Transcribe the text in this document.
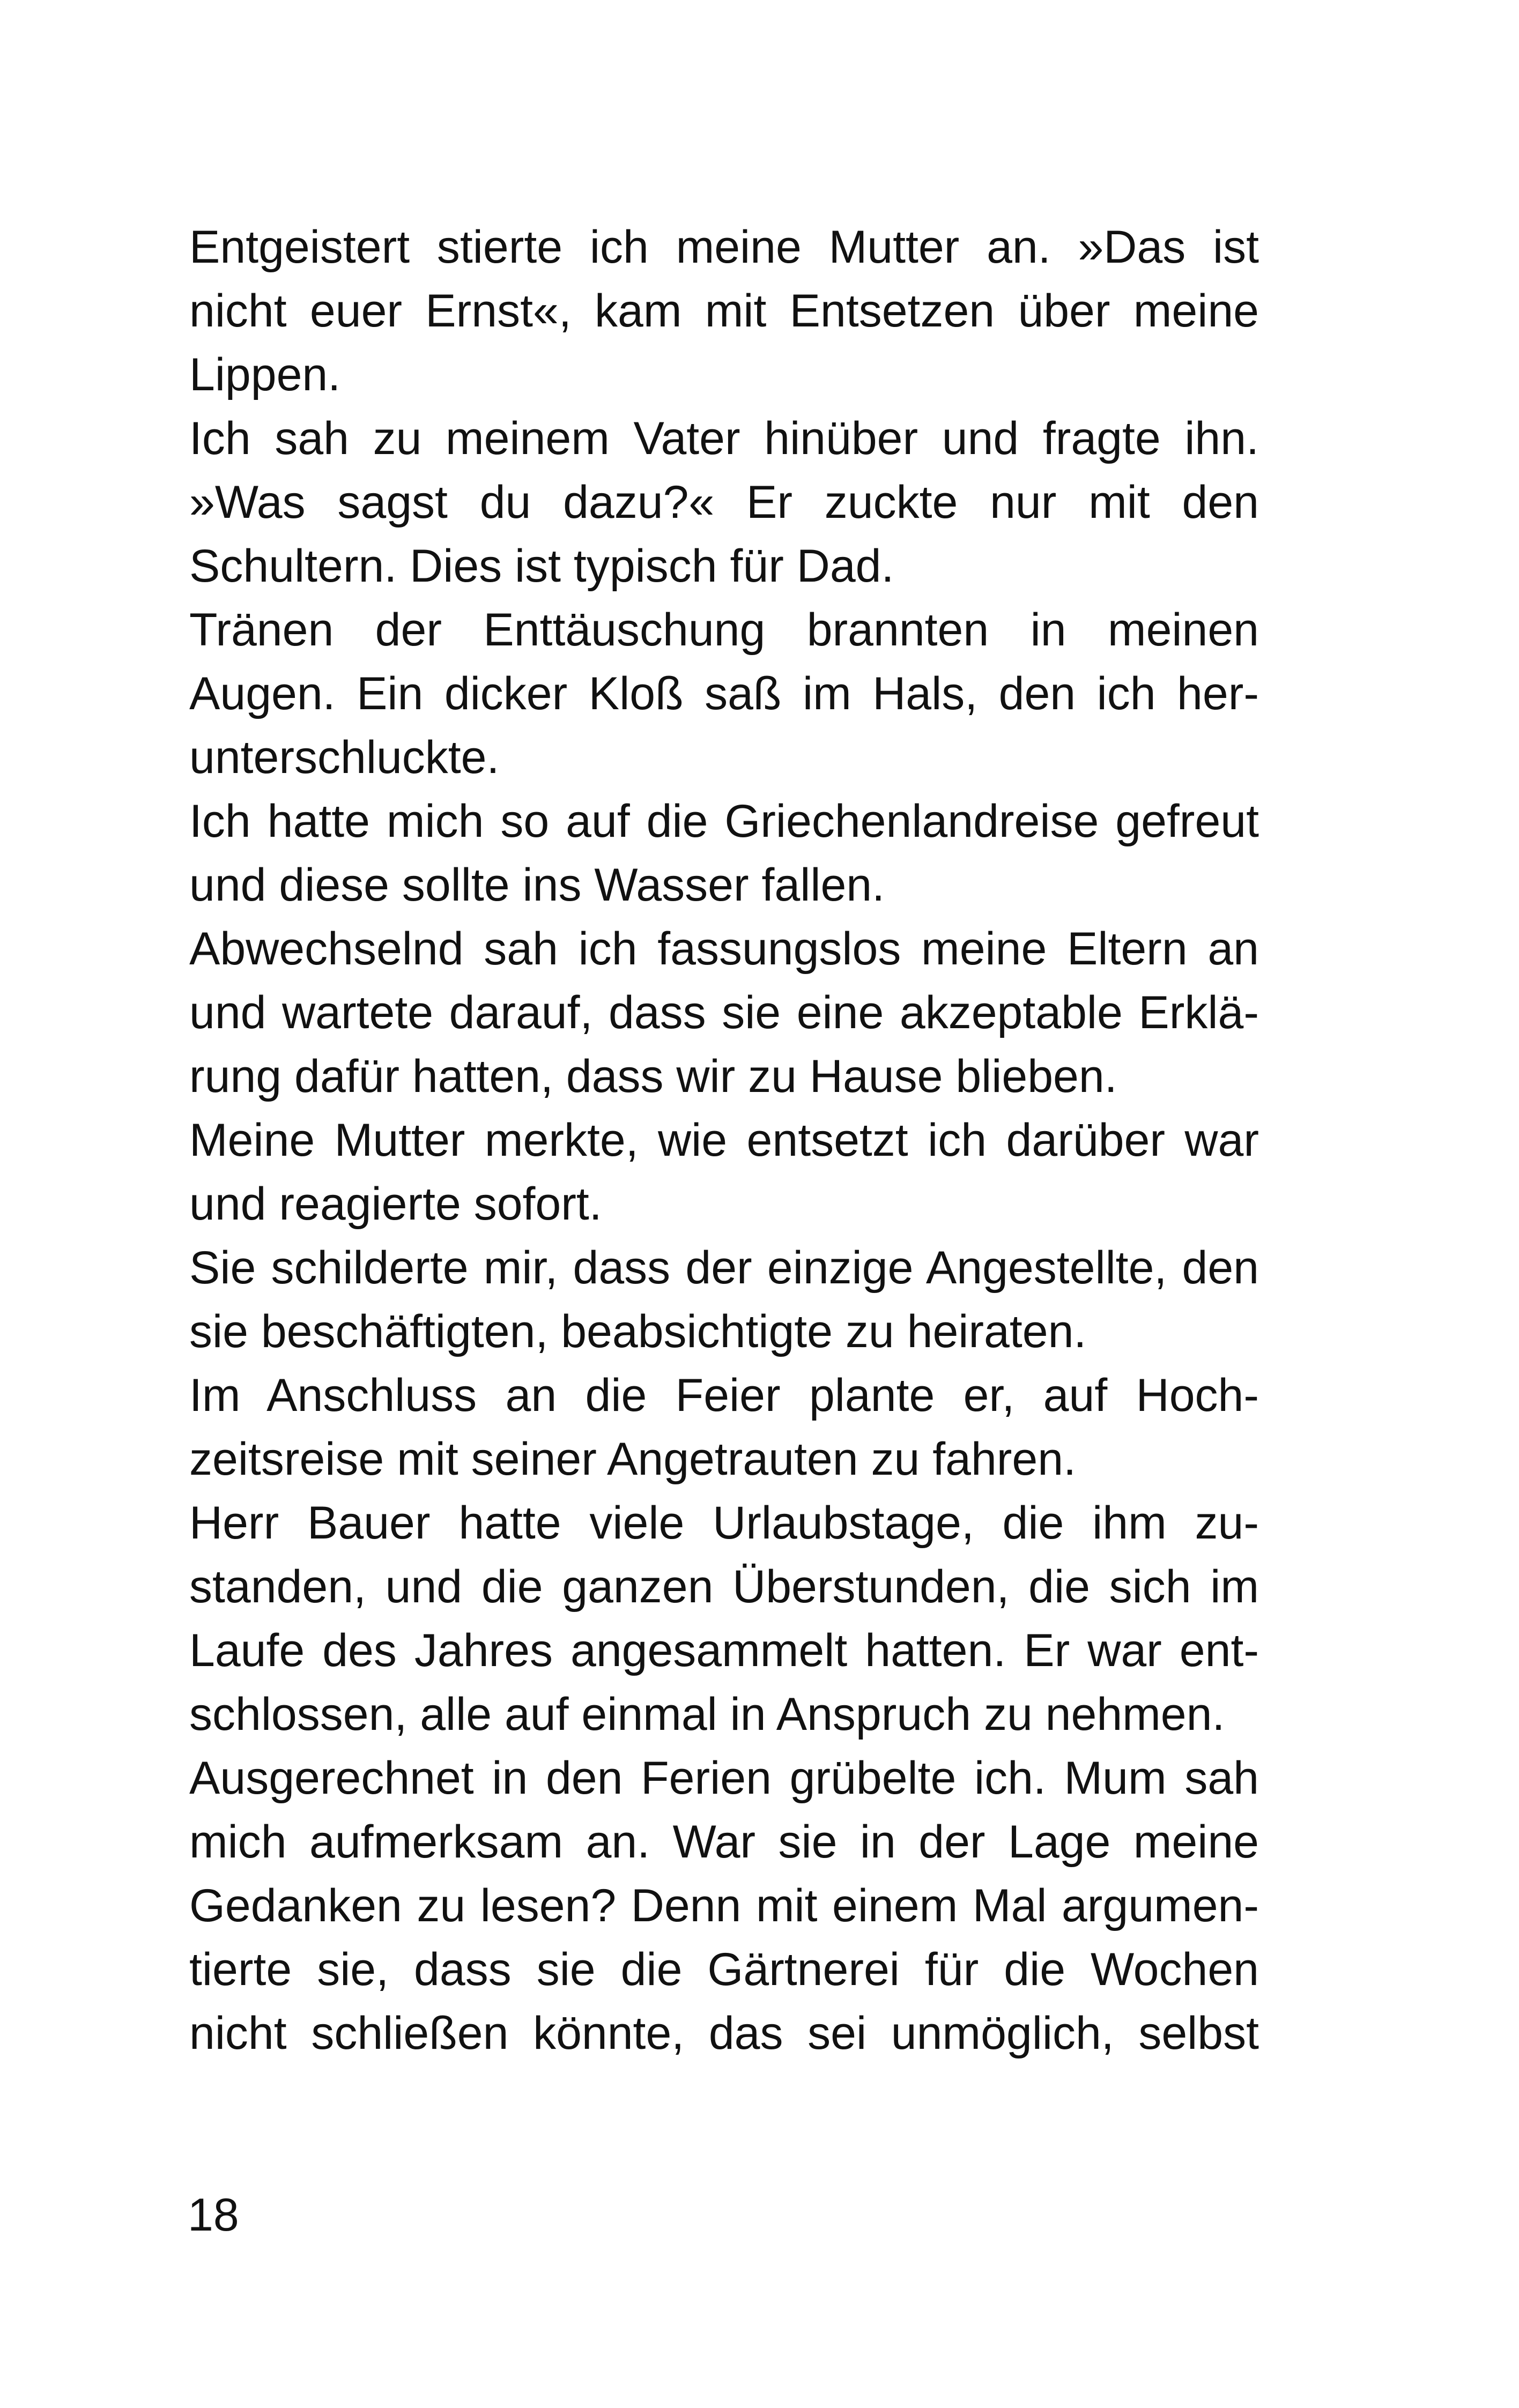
Entgeistert stierte ich meine Mutter an. »Das ist
nicht euer Ernst«, kam mit Entsetzen über meine
Lippen.
Ich sah zu meinem Vater hinüber und fragte ihn.
»Was sagst du dazu?« Er zuckte nur mit den
Schultern. Dies ist typisch für Dad.
Tränen der Enttäuschung brannten in meinen
Augen. Ein dicker Kloß saß im Hals, den ich her-
unterschluckte.
Ich hatte mich so auf die Griechenlandreise gefreut
und diese sollte ins Wasser fallen.
Abwechselnd sah ich fassungslos meine Eltern an
und wartete darauf, dass sie eine akzeptable Erklä-
rung dafür hatten, dass wir zu Hause blieben.
Meine Mutter merkte, wie entsetzt ich darüber war
und reagierte sofort.
Sie schilderte mir, dass der einzige Angestellte, den
sie beschäftigten, beabsichtigte zu heiraten.
Im Anschluss an die Feier plante er, auf Hoch-
zeitsreise mit seiner Angetrauten zu fahren.
Herr Bauer hatte viele Urlaubstage, die ihm zu-
standen, und die ganzen Überstunden, die sich im
Laufe des Jahres angesammelt hatten. Er war ent-
schlossen, alle auf einmal in Anspruch zu nehmen.
Ausgerechnet in den Ferien grübelte ich. Mum sah
mich aufmerksam an. War sie in der Lage meine
Gedanken zu lesen? Denn mit einem Mal argumen-
tierte sie, dass sie die Gärtnerei für die Wochen
nicht schließen könnte, das sei unmöglich, selbst
18
